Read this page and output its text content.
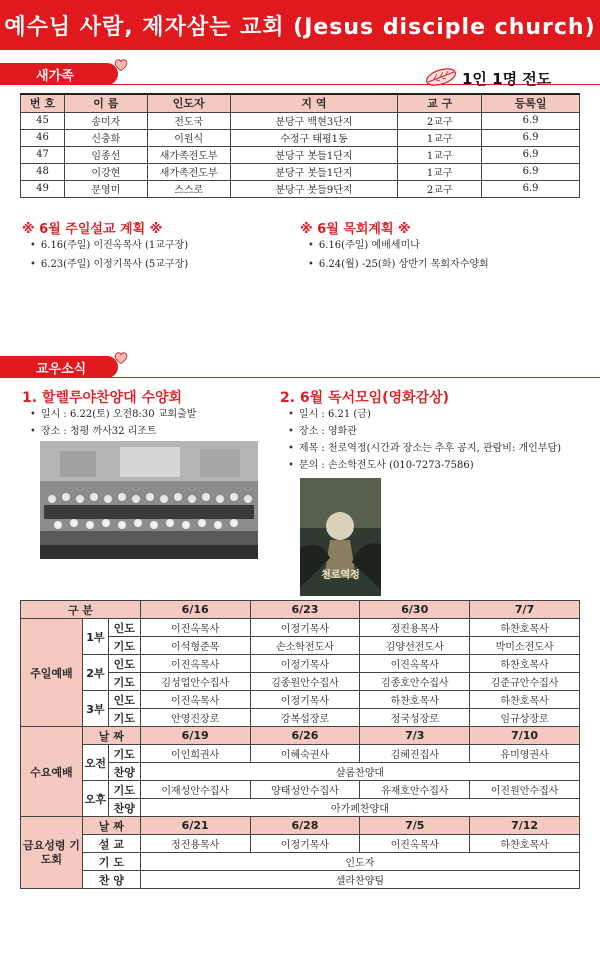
예수님 사람, 제자삼는 교회 (Jesus disciple church)
새가족	1인 1명 전도
번 호	이 름	인도자	지 역	교 구	등록일
45	송미자	전도국	분당구 백현3단지	2교구	6.9
46	신충화	이원식	수정구 태평1동	1교구	6.9
47	임종선	새가족전도부	분당구 봇들1단지	1교구	6.9
48	이강현	새가족전도부	분당구 봇들1단지	1교구	6.9
49	문영미	스스로	분당구 봇들9단지	2교구	6.9
※ 6월 주일설교 계획 ※
• 6.16(주일) 이진옥목사 (1교구장)
• 6.23(주일) 이정기목사 (5교구장)
※ 6월 목회계획 ※
• 6.16(주일) 예배세미나
• 6.24(월) -25(화) 상반기 목회자수양회
교우소식
1. 할렐루야찬양대 수양회
• 일시 : 6.22(토) 오전8:30 교회출발
• 장소 : 청평 까사32 리조트
2. 6월 독서모임(영화감상)
• 일시 : 6.21 (금)
• 장소 : 영화관
• 제목 : 천로역정(시간과 장소는 추후 공지, 관람비: 개인부담)
• 문의 : 손소학전도사 (010-7273-7586)
천로역정
구 분			6/16	6/23	6/30	7/7
주일예배	1부	인도	이진옥목사	이정기목사	정진용목사	하찬호목사
		기도	이석형준목	손소학전도사	김양선전도사	박미소전도사
	2부	인도	이진옥목사	이정기목사	이진옥목사	하찬호목사
		기도	김성업안수집사	김종원안수집사	김종호안수집사	김준규안수집사
	3부	인도	이진옥목사	이정기목사	하찬호목사	하찬호목사
		기도	안영진장로	강복섭장로	정국성장로	임규상장로
수요예배	날 짜		6/19	6/26	7/3	7/10
	오전	기도	이인희권사	이혜숙권사	김혜진집사	유미영권사
		찬양	샬롬찬양대			
	오후	기도	이재성안수집사	양태성안수집사	유재호안수집사	이진원안수집사
		찬양	아가페찬양대			
금요성령 기도회	날 짜		6/21	6/28	7/5	7/12
	설 교		정진용목사	이정기목사	이진옥목사	하찬호목사
	기 도		인도자			
	찬 양		셀라찬양팀			
